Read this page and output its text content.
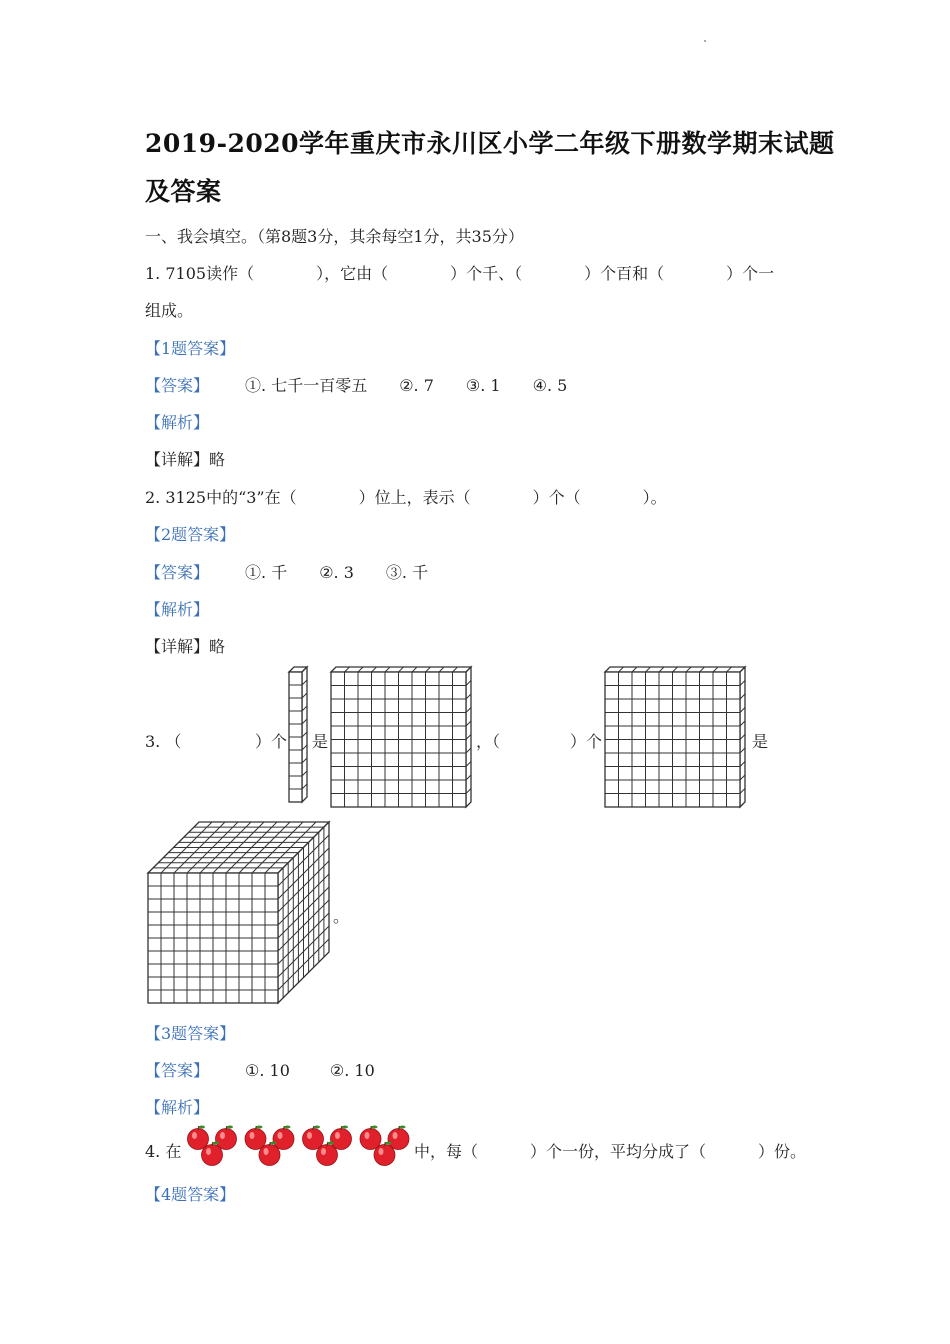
2019-2020学年重庆市永川区小学二年级下册数学期末试题
及答案
一、我会填空。（第8题3分，其余每空1分，共35分）
1. 7105读作（	），它由（	）个千、（	）个百和（	）个一
组成。
【1题答案】
【答案】 ①. 七千一百零五 ②. 7 ③. 1 ④. 5
【解析】
【详解】略
2. 3125中的“3”在（	）位上，表示（	）个（	）。
【2题答案】
【答案】 ①. 千 ②. 3 ③. 千
【解析】
【详解】略
3. （	）个 是	，（	）个	是
。
【3题答案】
【答案】 ①. 10	②. 10
【解析】
4. 在	中，每（	）个一份，平均分成了（	）份。
【4题答案】
